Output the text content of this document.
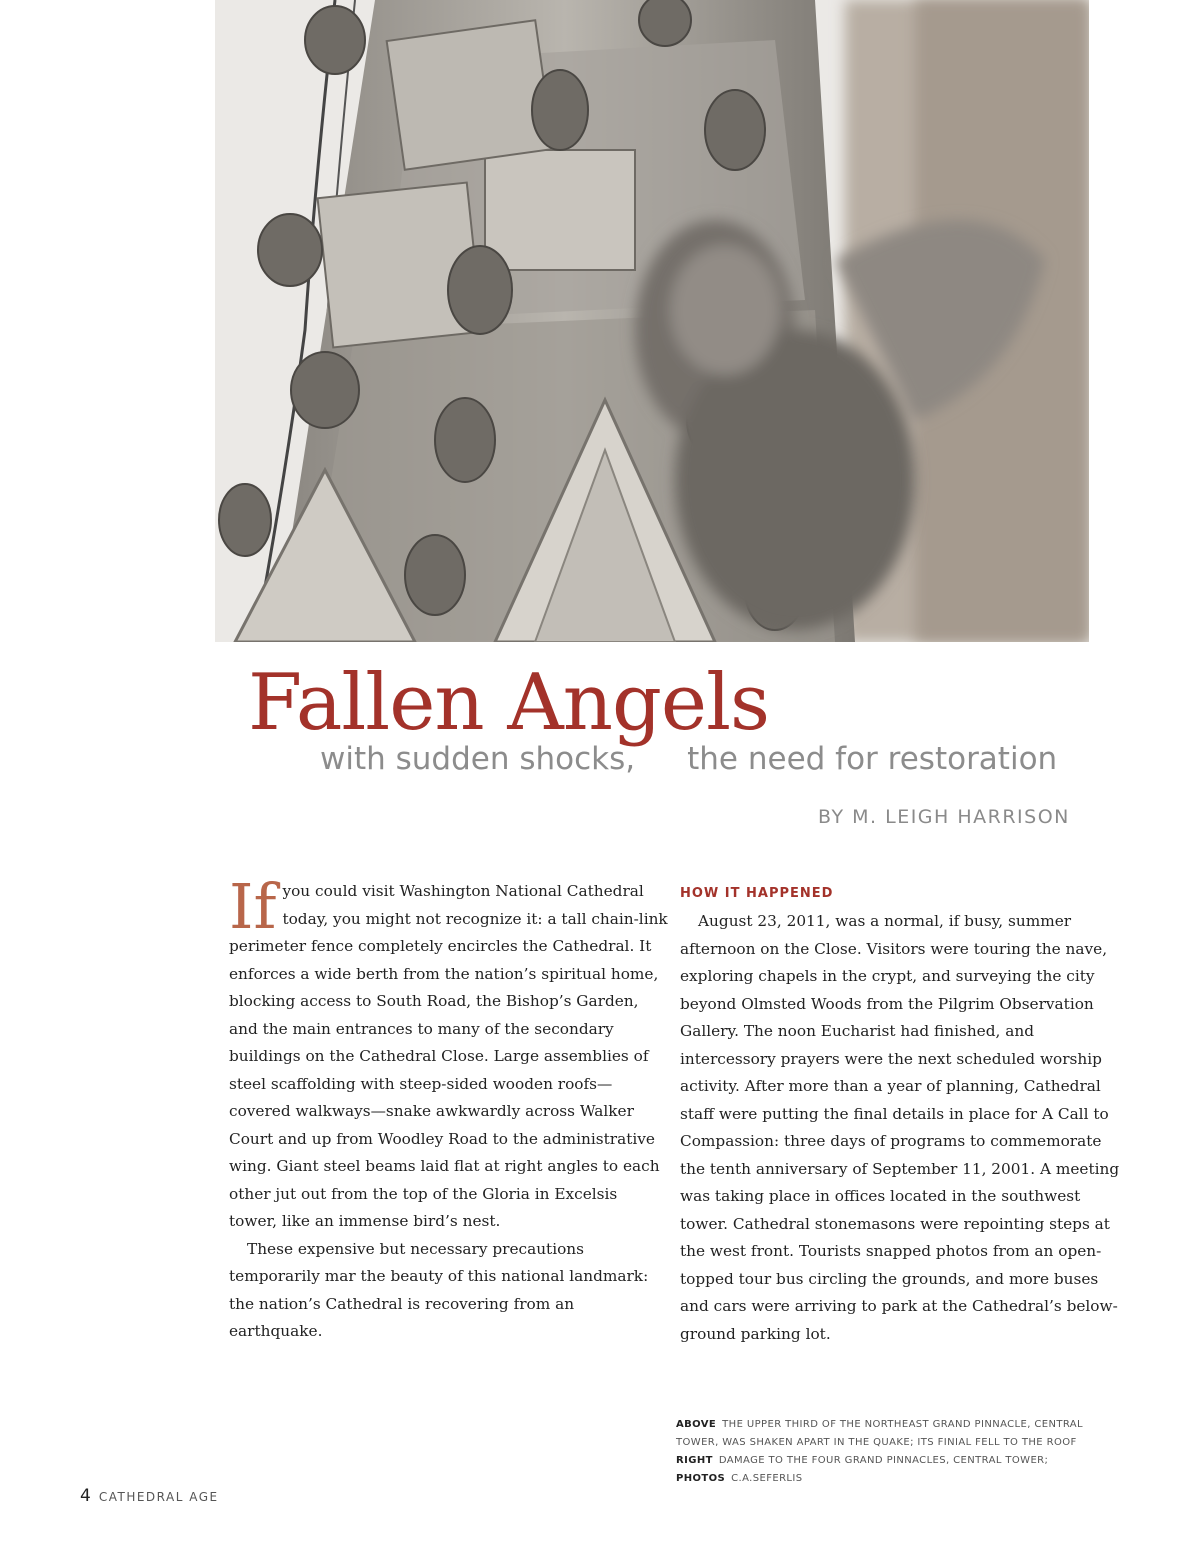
Fallen Angels
with sudden shocks, the need for restoration
BY M. LEIGH HARRISON
If you could visit Washington National Cathedral today, you might not recognize it: a tall chain-link perimeter fence completely encircles the Cathedral. It enforces a wide berth from the nation’s spiritual home, blocking access to South Road, the Bishop’s Garden, and the main entrances to many of the secondary buildings on the Cathedral Close. Large assemblies of steel scaffolding with steep-sided wooden roofs—covered walkways—snake awkwardly across Walker Court and up from Woodley Road to the administrative wing. Giant steel beams laid flat at right angles to each other jut out from the top of the Gloria in Excelsis tower, like an immense bird’s nest.

These expensive but necessary precautions temporarily mar the beauty of this national landmark: the nation’s Cathedral is recovering from an earthquake.

HOW IT HAPPENED

August 23, 2011, was a normal, if busy, summer afternoon on the Close. Visitors were touring the nave, exploring chapels in the crypt, and surveying the city beyond Olmsted Woods from the Pilgrim Observation Gallery. The noon Eucharist had finished, and intercessory prayers were the next scheduled worship activity. After more than a year of planning, Cathedral staff were putting the final details in place for A Call to Compassion: three days of programs to commemorate the tenth anniversary of September 11, 2001. A meeting was taking place in offices located in the southwest tower. Cathedral stonemasons were repointing steps at the west front. Tourists snapped photos from an open-topped tour bus circling the grounds, and more buses and cars were arriving to park at the Cathedral’s below-ground parking lot.

ABOVE THE UPPER THIRD OF THE NORTHEAST GRAND PINNACLE, CENTRAL TOWER, WAS SHAKEN APART IN THE QUAKE; ITS FINIAL FELL TO THE ROOF
RIGHT DAMAGE TO THE FOUR GRAND PINNACLES, CENTRAL TOWER;
PHOTOS C.A.SEFERLIS
4 CATHEDRAL AGE
